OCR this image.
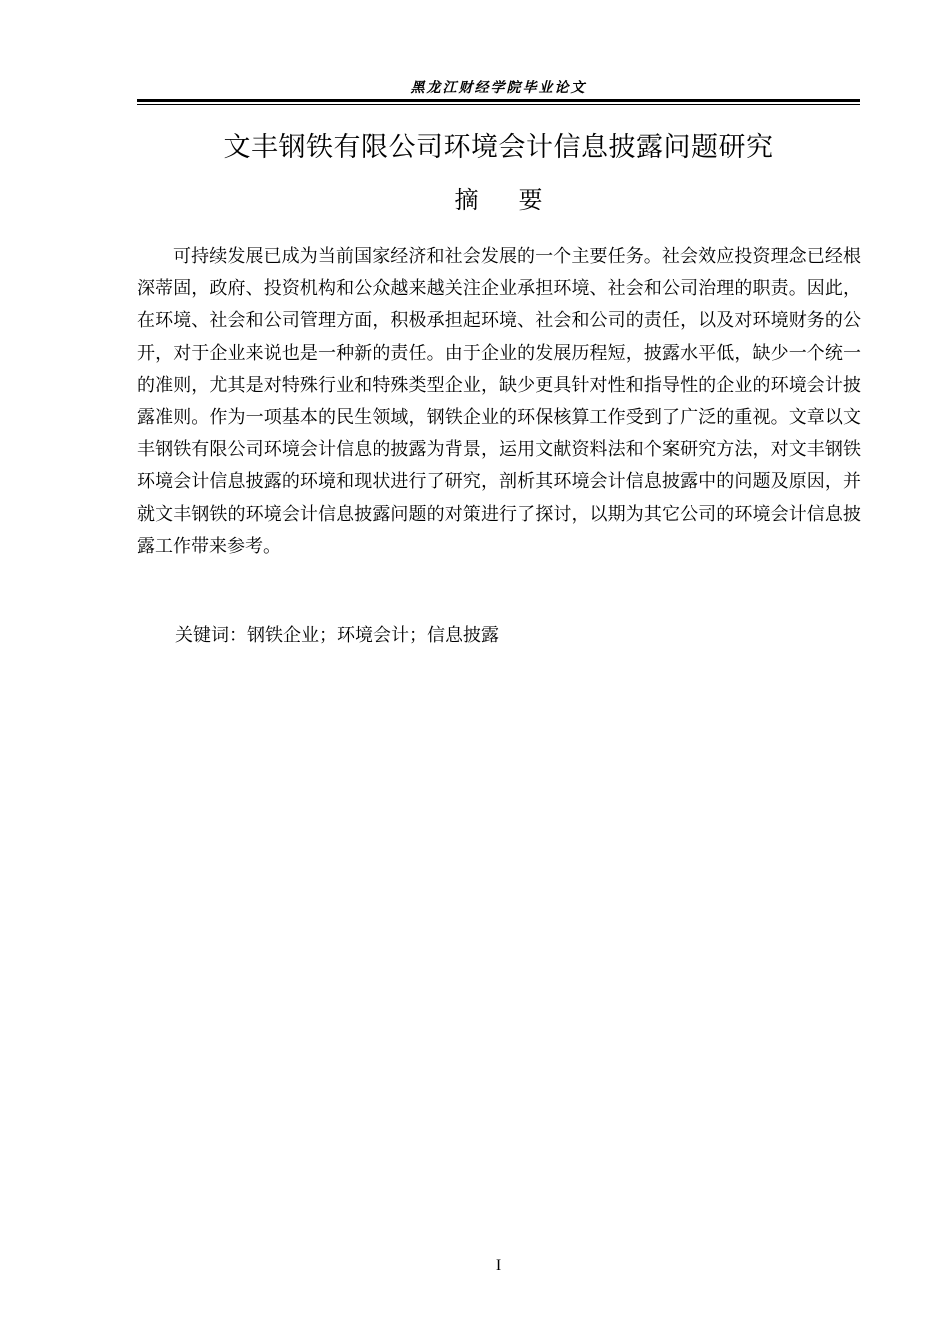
黑龙江财经学院毕业论文
文丰钢铁有限公司环境会计信息披露问题研究
摘要

可持续发展已成为当前国家经济和社会发展的一个主要任务。社会效应投资理念已经根深蒂固，政府、投资机构和公众越来越关注企业承担环境、社会和公司治理的职责。因此，在环境、社会和公司管理方面，积极承担起环境、社会和公司的责任，以及对环境财务的公开，对于企业来说也是一种新的责任。由于企业的发展历程短，披露水平低，缺少一个统一的准则，尤其是对特殊行业和特殊类型企业，缺少更具针对性和指导性的企业的环境会计披露准则。作为一项基本的民生领域，钢铁企业的环保核算工作受到了广泛的重视。文章以文丰钢铁有限公司环境会计信息的披露为背景，运用文献资料法和个案研究方法，对文丰钢铁环境会计信息披露的环境和现状进行了研究，剖析其环境会计信息披露中的问题及原因，并就文丰钢铁的环境会计信息披露问题的对策进行了探讨，以期为其它公司的环境会计信息披露工作带来参考。

关键词：钢铁企业；环境会计；信息披露
I
